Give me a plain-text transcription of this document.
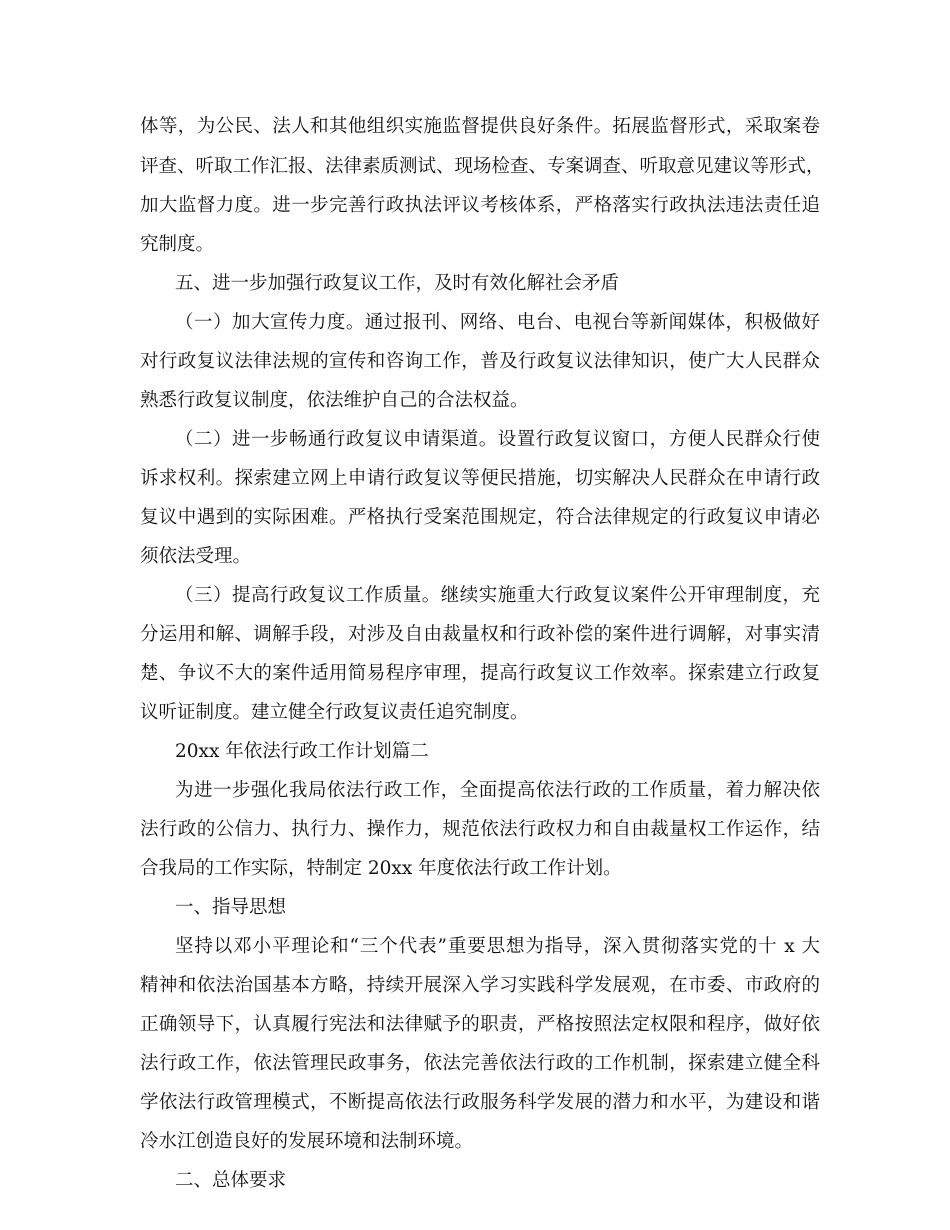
体等，为公民、法人和其他组织实施监督提供良好条件。拓展监督形式，采取案卷
评查、听取工作汇报、法律素质测试、现场检查、专案调查、听取意见建议等形式，
加大监督力度。进一步完善行政执法评议考核体系，严格落实行政执法违法责任追
究制度。
五、进一步加强行政复议工作，及时有效化解社会矛盾
（一）加大宣传力度。通过报刊、网络、电台、电视台等新闻媒体，积极做好
对行政复议法律法规的宣传和咨询工作，普及行政复议法律知识，使广大人民群众
熟悉行政复议制度，依法维护自己的合法权益。
（二）进一步畅通行政复议申请渠道。设置行政复议窗口，方便人民群众行使
诉求权利。探索建立网上申请行政复议等便民措施，切实解决人民群众在申请行政
复议中遇到的实际困难。严格执行受案范围规定，符合法律规定的行政复议申请必
须依法受理。
（三）提高行政复议工作质量。继续实施重大行政复议案件公开审理制度，充
分运用和解、调解手段，对涉及自由裁量权和行政补偿的案件进行调解，对事实清
楚、争议不大的案件适用简易程序审理，提高行政复议工作效率。探索建立行政复
议听证制度。建立健全行政复议责任追究制度。
20xx 年依法行政工作计划篇二
为进一步强化我局依法行政工作，全面提高依法行政的工作质量，着力解决依
法行政的公信力、执行力、操作力，规范依法行政权力和自由裁量权工作运作，结
合我局的工作实际，特制定 20xx 年度依法行政工作计划。
一、指导思想
坚持以邓小平理论和“三个代表”重要思想为指导，深入贯彻落实党的十 x 大
精神和依法治国基本方略，持续开展深入学习实践科学发展观，在市委、市政府的
正确领导下，认真履行宪法和法律赋予的职责，严格按照法定权限和程序，做好依
法行政工作，依法管理民政事务，依法完善依法行政的工作机制，探索建立健全科
学依法行政管理模式，不断提高依法行政服务科学发展的潜力和水平，为建设和谐
冷水江创造良好的发展环境和法制环境。
二、总体要求
